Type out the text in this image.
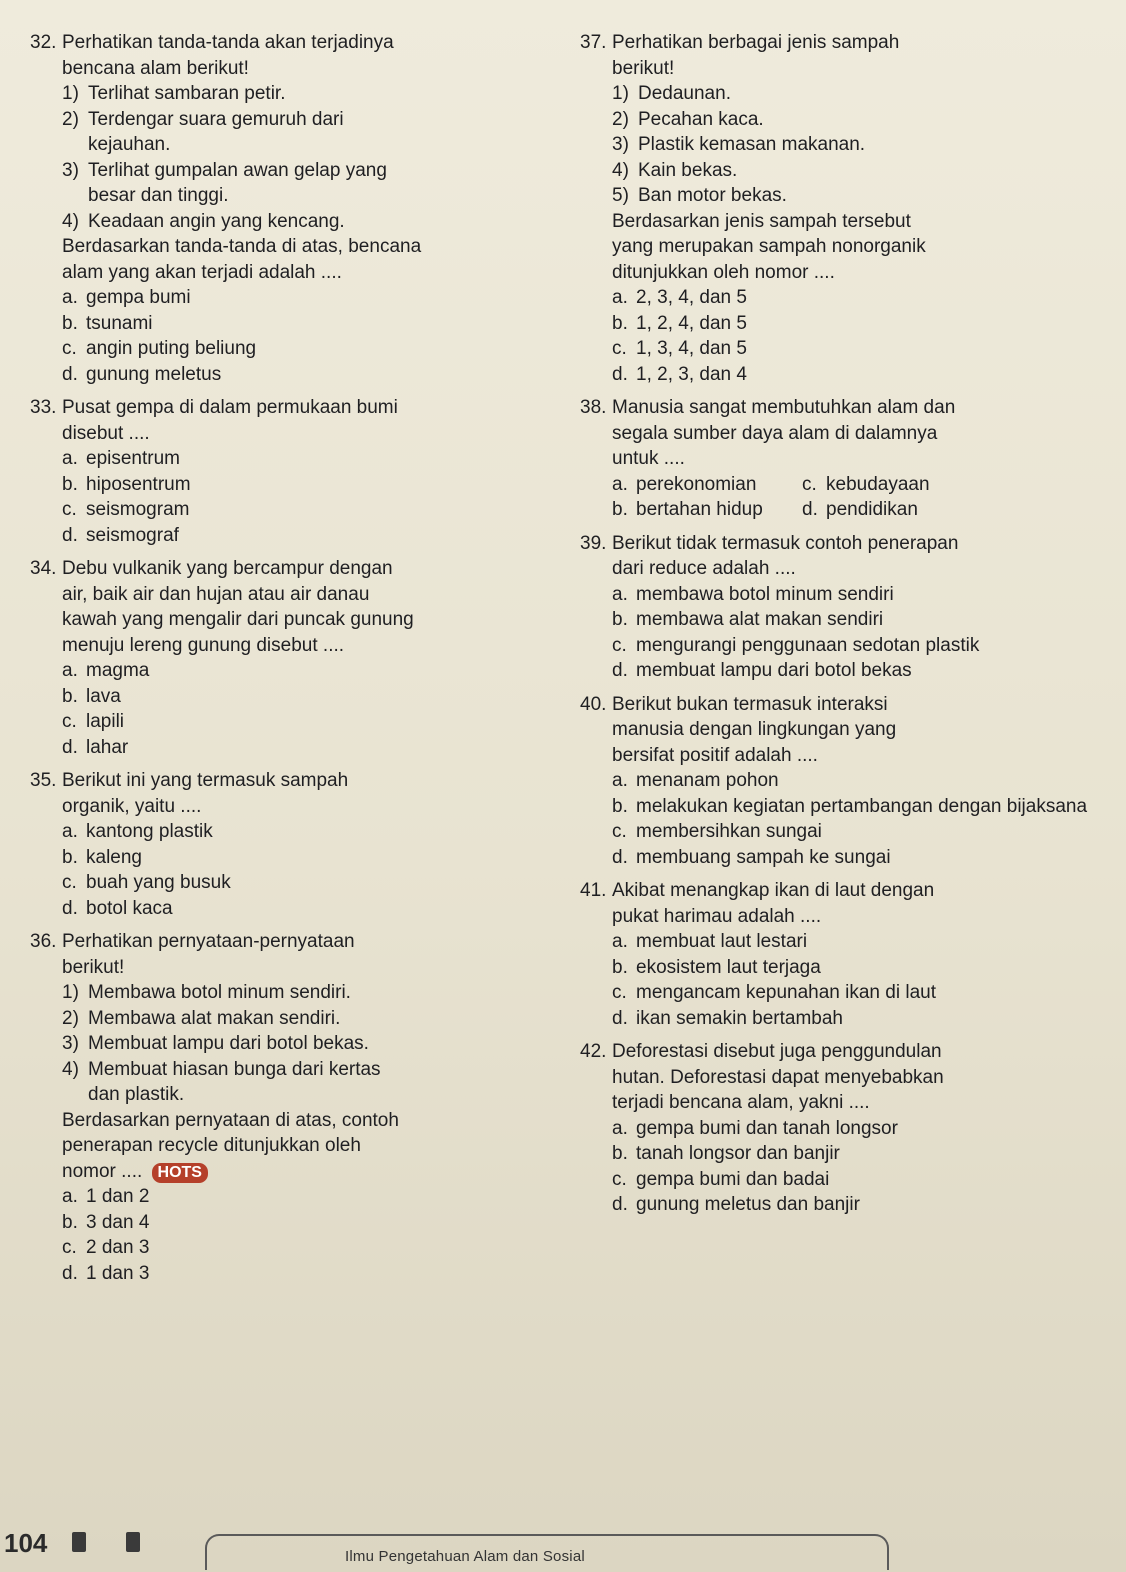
32. Perhatikan tanda-tanda akan terjadinya
bencana alam berikut!
1) Terlihat sambaran petir.
2) Terdengar suara gemuruh dari
kejauhan.
3) Terlihat gumpalan awan gelap yang
besar dan tinggi.
4) Keadaan angin yang kencang.
Berdasarkan tanda-tanda di atas, bencana
alam yang akan terjadi adalah ....
a. gempa bumi
b. tsunami
c. angin puting beliung
d. gunung meletus
33. Pusat gempa di dalam permukaan bumi
disebut ....
a. episentrum
b. hiposentrum
c. seismogram
d. seismograf
34. Debu vulkanik yang bercampur dengan
air, baik air dan hujan atau air danau
kawah yang mengalir dari puncak gunung
menuju lereng gunung disebut ....
a. magma
b. lava
c. lapili
d. lahar
35. Berikut ini yang termasuk sampah
organik, yaitu ....
a. kantong plastik
b. kaleng
c. buah yang busuk
d. botol kaca
36. Perhatikan pernyataan-pernyataan
berikut!
1) Membawa botol minum sendiri.
2) Membawa alat makan sendiri.
3) Membuat lampu dari botol bekas.
4) Membuat hiasan bunga dari kertas
dan plastik.
Berdasarkan pernyataan di atas, contoh
penerapan recycle ditunjukkan oleh
nomor .... HOTS
a. 1 dan 2
b. 3 dan 4
c. 2 dan 3
d. 1 dan 3
37. Perhatikan berbagai jenis sampah
berikut!
1) Dedaunan.
2) Pecahan kaca.
3) Plastik kemasan makanan.
4) Kain bekas.
5) Ban motor bekas.
Berdasarkan jenis sampah tersebut
yang merupakan sampah nonorganik
ditunjukkan oleh nomor ....
a. 2, 3, 4, dan 5
b. 1, 2, 4, dan 5
c. 1, 3, 4, dan 5
d. 1, 2, 3, dan 4
38. Manusia sangat membutuhkan alam dan
segala sumber daya alam di dalamnya
untuk ....
a. perekonomian c. kebudayaan
b. bertahan hidup d. pendidikan
39. Berikut tidak termasuk contoh penerapan
dari reduce adalah ....
a. membawa botol minum sendiri
b. membawa alat makan sendiri
c. mengurangi penggunaan sedotan plastik
d. membuat lampu dari botol bekas
40. Berikut bukan termasuk interaksi
manusia dengan lingkungan yang
bersifat positif adalah ....
a. menanam pohon
b. melakukan kegiatan pertambangan dengan bijaksana
c. membersihkan sungai
d. membuang sampah ke sungai
41. Akibat menangkap ikan di laut dengan
pukat harimau adalah ....
a. membuat laut lestari
b. ekosistem laut terjaga
c. mengancam kepunahan ikan di laut
d. ikan semakin bertambah
42. Deforestasi disebut juga penggundulan
hutan. Deforestasi dapat menyebabkan
terjadi bencana alam, yakni ....
a. gempa bumi dan tanah longsor
b. tanah longsor dan banjir
c. gempa bumi dan badai
d. gunung meletus dan banjir
104	Ilmu Pengetahuan Alam dan Sosial
